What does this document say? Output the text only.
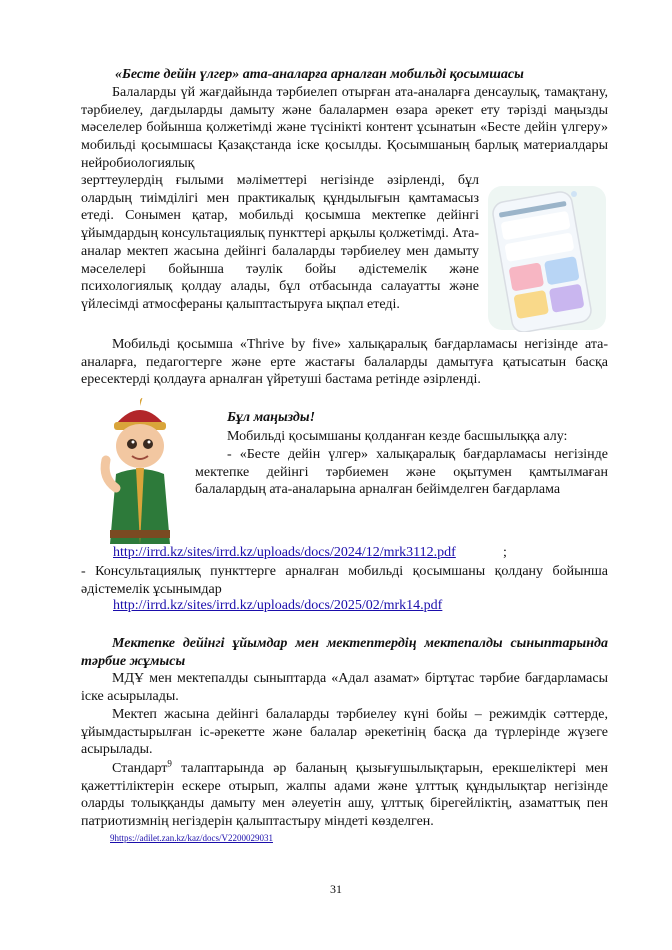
«Бесте дейін үлгер» ата-аналарға арналған мобильді қосымшасы

Балаларды үй жағдайында тәрбиелеп отырған ата-аналарға денсаулық, тамақтану, тәрбиелеу, дағдыларды дамыту және балалармен өзара әрекет ету тәрізді маңызды мәселелер бойынша қолжетімді және түсінікті контент ұсынатын «Бесте дейін үлгеру» мобильді қосымшасы Қазақстанда іске қосылды. Қосымшаның барлық материалдары нейробиологиялық

зерттеулердің ғылыми мәліметтері негізінде әзірленді, бұл олардың тиімділігі мен практикалық құндылығын қамтамасыз етеді. Сонымен қатар, мобильді қосымша мектепке дейінгі ұйымдардың консультациялық пункттері арқылы қолжетімді. Ата-аналар мектеп жасына дейінгі балаларды тәрбиелеу мен дамыту мәселелері бойынша тәулік бойы әдістемелік және психологиялық қолдау алады, бұл отбасында салауатты және үйлесімді атмосфераны қалыптастыруға ықпал етеді.

Мобильді қосымша «Thrive by five» халықаралық бағдарламасы негізінде ата-аналарға, педагогтерге және ерте жастағы балаларды дамытуға қатысатын басқа ересектерді қолдауға арналған үйретуші бастама ретінде әзірленді.

Бұл маңызды!

Мобильді қосымшаны қолданған кезде басшылыққа алу:

- «Бесте дейін үлгер» халықаралық бағдарламасы негізінде мектепке дейінгі тәрбиемен және оқытумен қамтылмаған балалардың ата-аналарына арналған бейімделген бағдарлама

http://irrd.kz/sites/irrd.kz/uploads/docs/2024/12/mrk3112.pdf	;

- Консультациялық пункттерге арналған мобильді қосымшаны қолдану бойынша әдістемелік ұсынымдар

http://irrd.kz/sites/irrd.kz/uploads/docs/2025/02/mrk14.pdf

Мектепке дейінгі ұйымдар мен мектептердің мектепалды сыныптарында тәрбие жұмысы

МДҰ мен мектепалды сыныптарда «Адал азамат» біртұтас тәрбие бағдарламасы іске асырылады.

Мектеп жасына дейінгі балаларды тәрбиелеу күні бойы – режимдік сәттерде, ұйымдастырылған іс-әрекетте және балалар әрекетінің басқа да түрлерінде жүзеге асырылады.

Стандарт$^9$ талаптарында әр баланың қызығушылықтарын, ерекшеліктері мен қажеттіліктерін ескере отырып, жалпы адами және ұлттық құндылықтар негізінде оларды толыққанды дамыту мен әлеуетін ашу, ұлттық бірегейліктің, азаматтық пен патриотизмнің негіздерін қалыптастыру міндеті көзделген.

9https://adilet.zan.kz/kaz/docs/V2200029031
31
